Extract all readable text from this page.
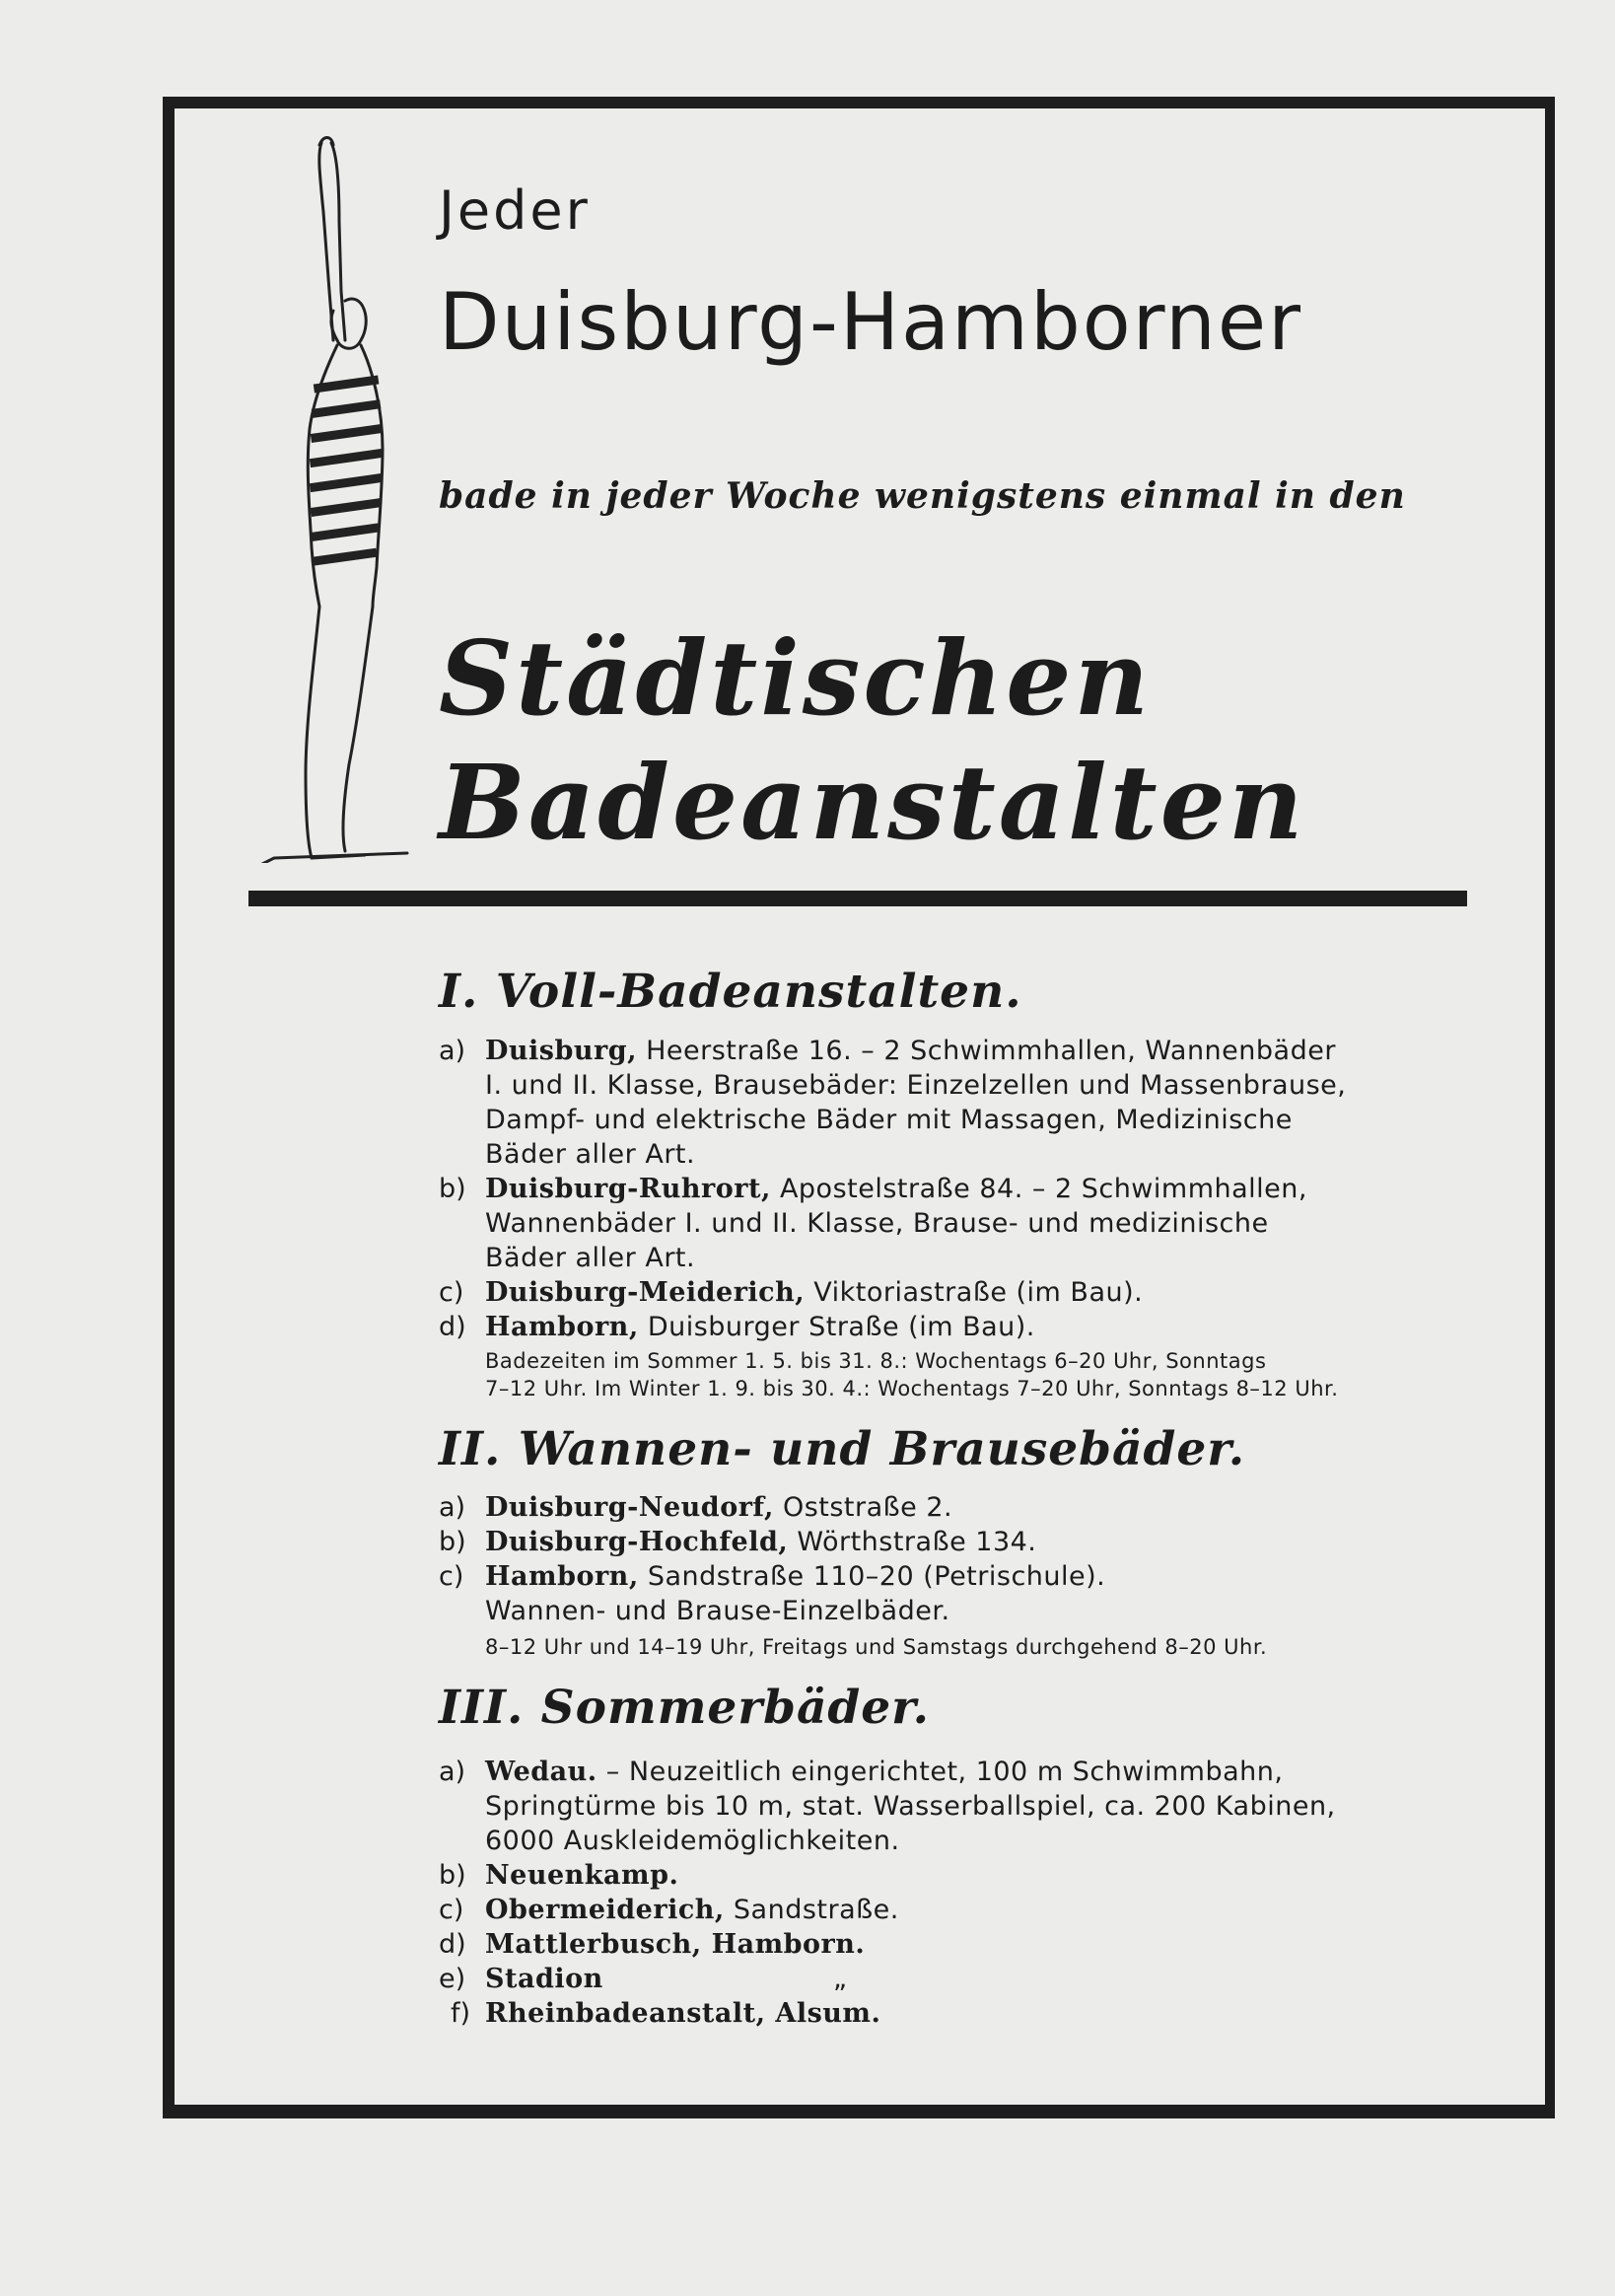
Jeder
Duisburg-Hamborner
bade in jeder Woche wenigstens einmal in den
Städtischen
Badeanstalten
I. Voll-Badeanstalten.
a) Duisburg, Heerstraße 16. – 2 Schwimmhallen, Wannenbäder
I. und II. Klasse, Brausebäder: Einzelzellen und Massenbrause,
Dampf- und elektrische Bäder mit Massagen, Medizinische
Bäder aller Art.
b) Duisburg-Ruhrort, Apostelstraße 84. – 2 Schwimmhallen,
Wannenbäder I. und II. Klasse, Brause- und medizinische
Bäder aller Art.
c) Duisburg-Meiderich, Viktoriastraße (im Bau).
d) Hamborn, Duisburger Straße (im Bau).
Badezeiten im Sommer 1. 5. bis 31. 8.: Wochentags 6–20 Uhr, Sonntags
7–12 Uhr. Im Winter 1. 9. bis 30. 4.: Wochentags 7–20 Uhr, Sonntags 8–12 Uhr.
II. Wannen- und Brausebäder.
a) Duisburg-Neudorf, Oststraße 2.
b) Duisburg-Hochfeld, Wörthstraße 134.
c) Hamborn, Sandstraße 110–20 (Petrischule).
Wannen- und Brause-Einzelbäder.
8–12 Uhr und 14–19 Uhr, Freitags und Samstags durchgehend 8–20 Uhr.
III. Sommerbäder.
a) Wedau. – Neuzeitlich eingerichtet, 100 m Schwimmbahn,
Springtürme bis 10 m, stat. Wasserballspiel, ca. 200 Kabinen,
6000 Auskleidemöglichkeiten.
b) Neuenkamp.
c) Obermeiderich, Sandstraße.
d) Mattlerbusch, Hamborn.
e) Stadion	„
f) Rheinbadeanstalt, Alsum.
